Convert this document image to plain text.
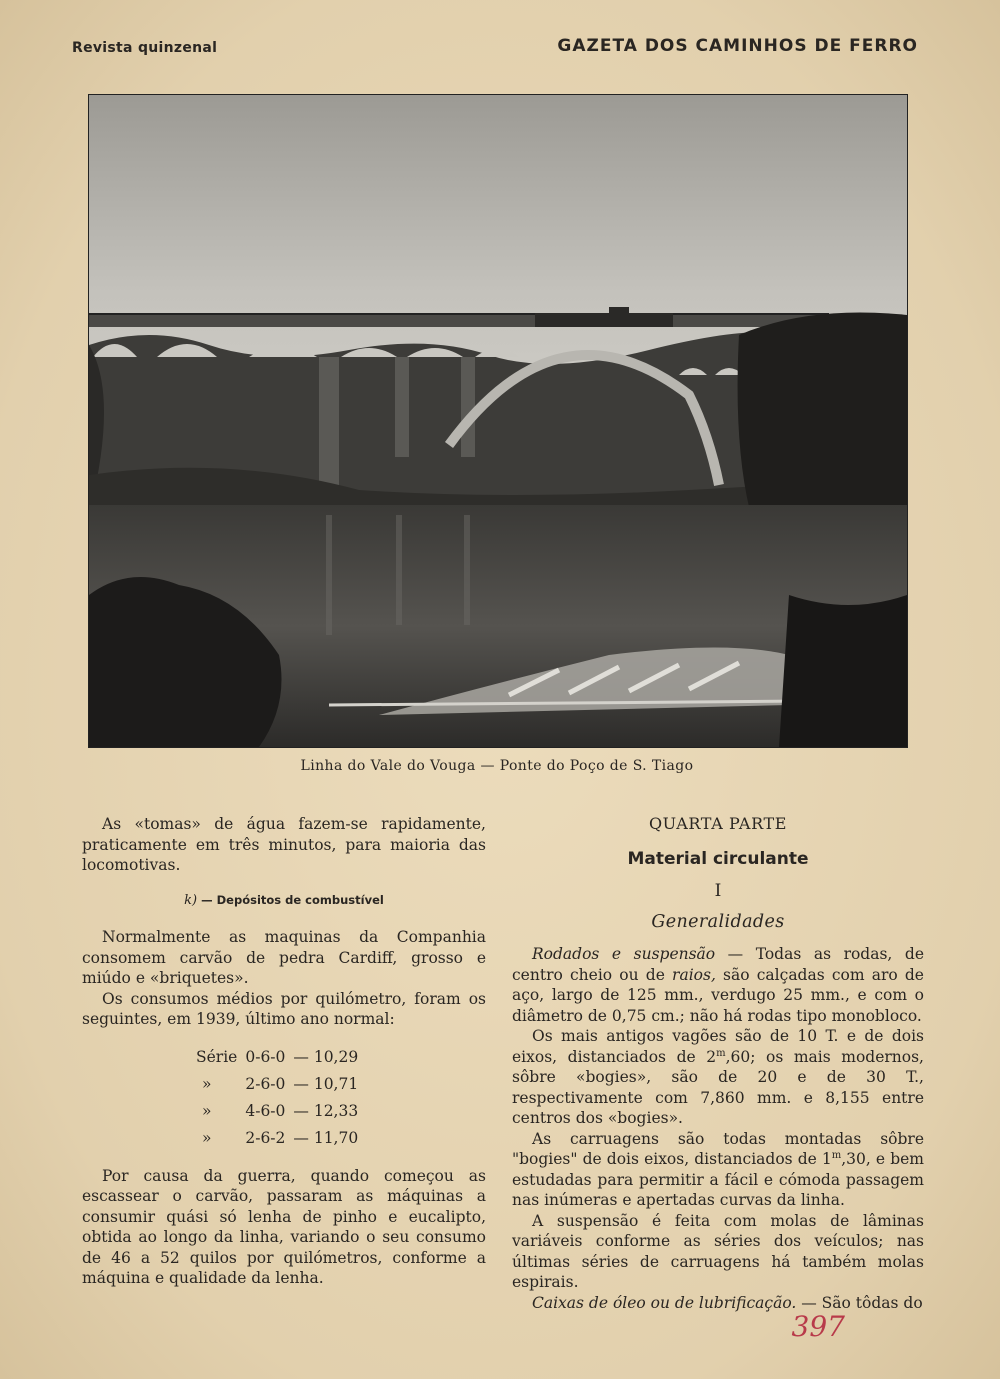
Revista quinzenal	GAZETA DOS CAMINHOS DE FERRO
Linha do Vale do Vouga — Ponte do Poço de S. Tiago

As «tomas» de água fazem-se rapidamente, praticamente em três minutos, para maioria das locomotivas.

k) — Depósitos de combustível

Normalmente as maquinas da Companhia consomem carvão de pedra Cardiff, grosso e miúdo e «briquetes».

Os consumos médios por quilómetro, foram os seguintes, em 1939, último ano normal:

Série	0-6-0	— 10,29
»	2-6-0	— 10,71
»	4-6-0	— 12,33
»	2-6-2	— 11,70

Por causa da guerra, quando começou as escassear o carvão, passaram as máquinas a consumir quási só lenha de pinho e eucalipto, obtida ao longo da linha, variando o seu consumo de 46 a 52 quilos por quilómetros, conforme a máquina e qualidade da lenha.

QUARTA PARTE

Material circulante

I

Generalidades

Rodados e suspensão — Todas as rodas, de centro cheio ou de raios, são calçadas com aro de aço, largo de 125 mm., verdugo 25 mm., e com o diâmetro de 0,75 cm.; não há rodas tipo monobloco.

Os mais antigos vagões são de 10 T. e de dois eixos, distanciados de 2$^m$,60; os mais modernos, sôbre «bogies», são de 20 e de 30 T., respectivamente com 7,860 mm. e 8,155 entre centros dos «bogies».

As carruagens são todas montadas sôbre "bogies" de dois eixos, distanciados de 1$^m$,30, e bem estudadas para permitir a fácil e cómoda passagem nas inúmeras e apertadas curvas da linha.

A suspensão é feita com molas de lâminas variáveis conforme as séries dos veículos; nas últimas séries de carruagens há também molas espirais.

Caixas de óleo ou de lubrificação. — São tôdas do

397
